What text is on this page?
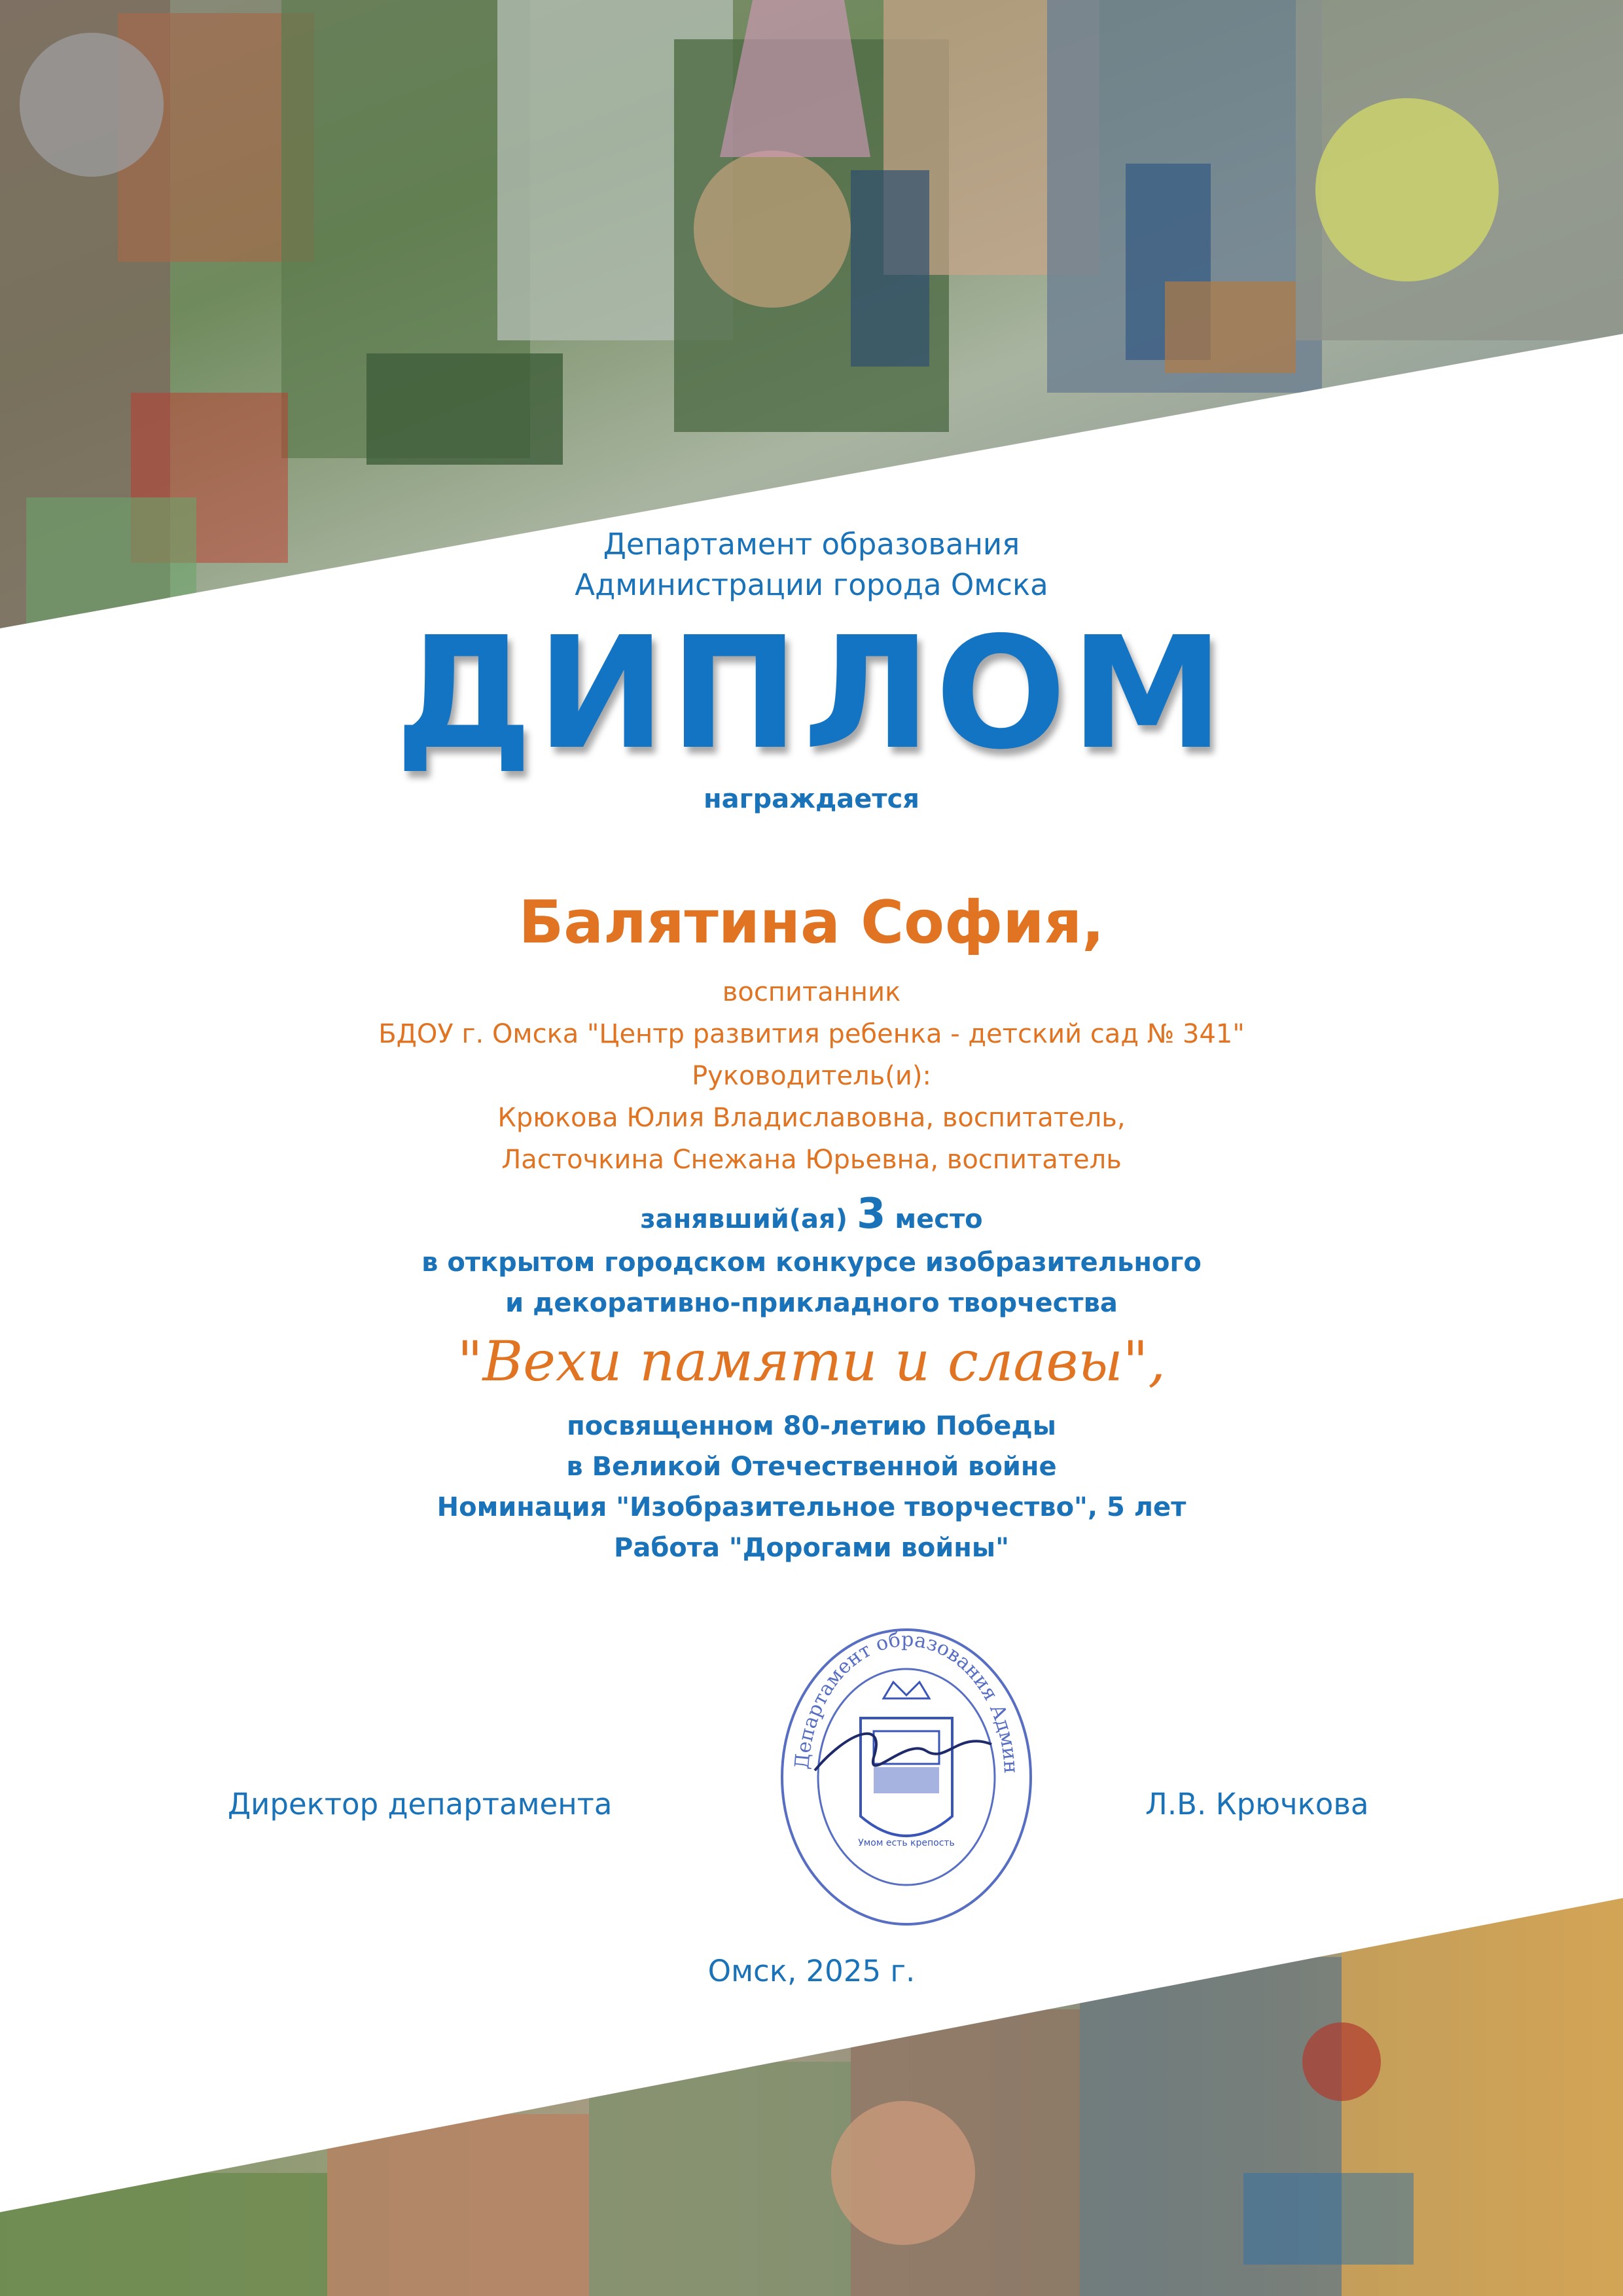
Департамент образования
Администрации города Омска
ДИПЛОМ
награждается
Балятина София,
воспитанник
БДОУ г. Омска "Центр развития ребенка - детский сад № 341"
Руководитель(и):
Крюкова Юлия Владиславовна, воспитатель,
Ласточкина Снежана Юрьевна, воспитатель
занявший(ая) 3 место
в открытом городском конкурсе изобразительного
и декоративно-прикладного творчества
"Вехи памяти и славы",
посвященном 80-летию Победы
в Великой Отечественной войне
Номинация "Изобразительное творчество", 5 лет
Работа "Дорогами войны"
Директор департамента	Л.В. Крючкова
Департамент образования Админ
Умом есть крепость
Омск, 2025 г.
